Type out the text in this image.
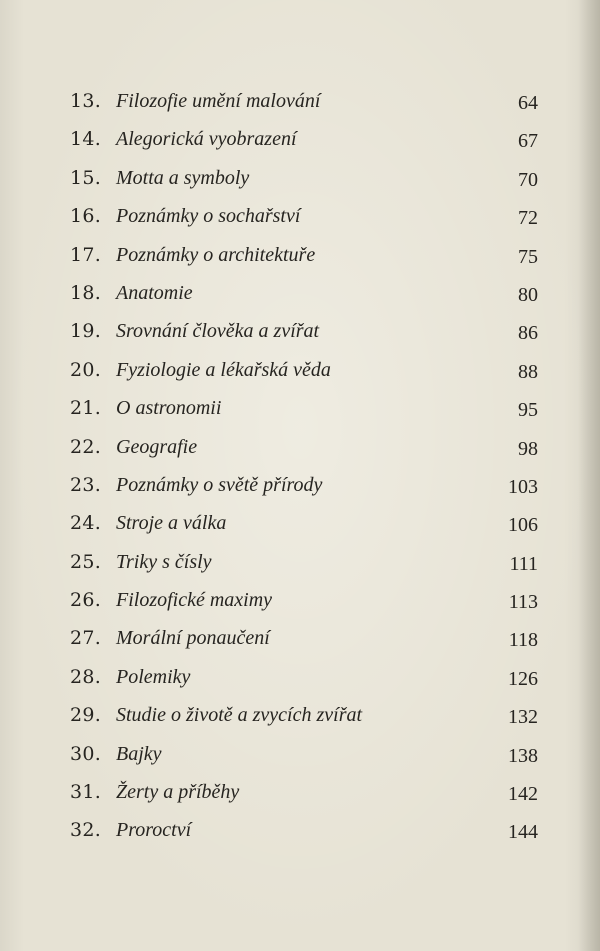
13. Filozofie umění malování	64
14. Alegorická vyobrazení	67
15. Motta a symboly	70
16. Poznámky o sochařství	72
17. Poznámky o architektuře	75
18. Anatomie	80
19. Srovnání člověka a zvířat	86
20. Fyziologie a lékařská věda	88
21. O astronomii	95
22. Geografie	98
23. Poznámky o světě přírody	103
24. Stroje a válka	106
25. Triky s čísly	111
26. Filozofické maximy	113
27. Morální ponaučení	118
28. Polemiky	126
29. Studie o životě a zvycích zvířat	132
30. Bajky	138
31. Žerty a příběhy	142
32. Proroctví	144
